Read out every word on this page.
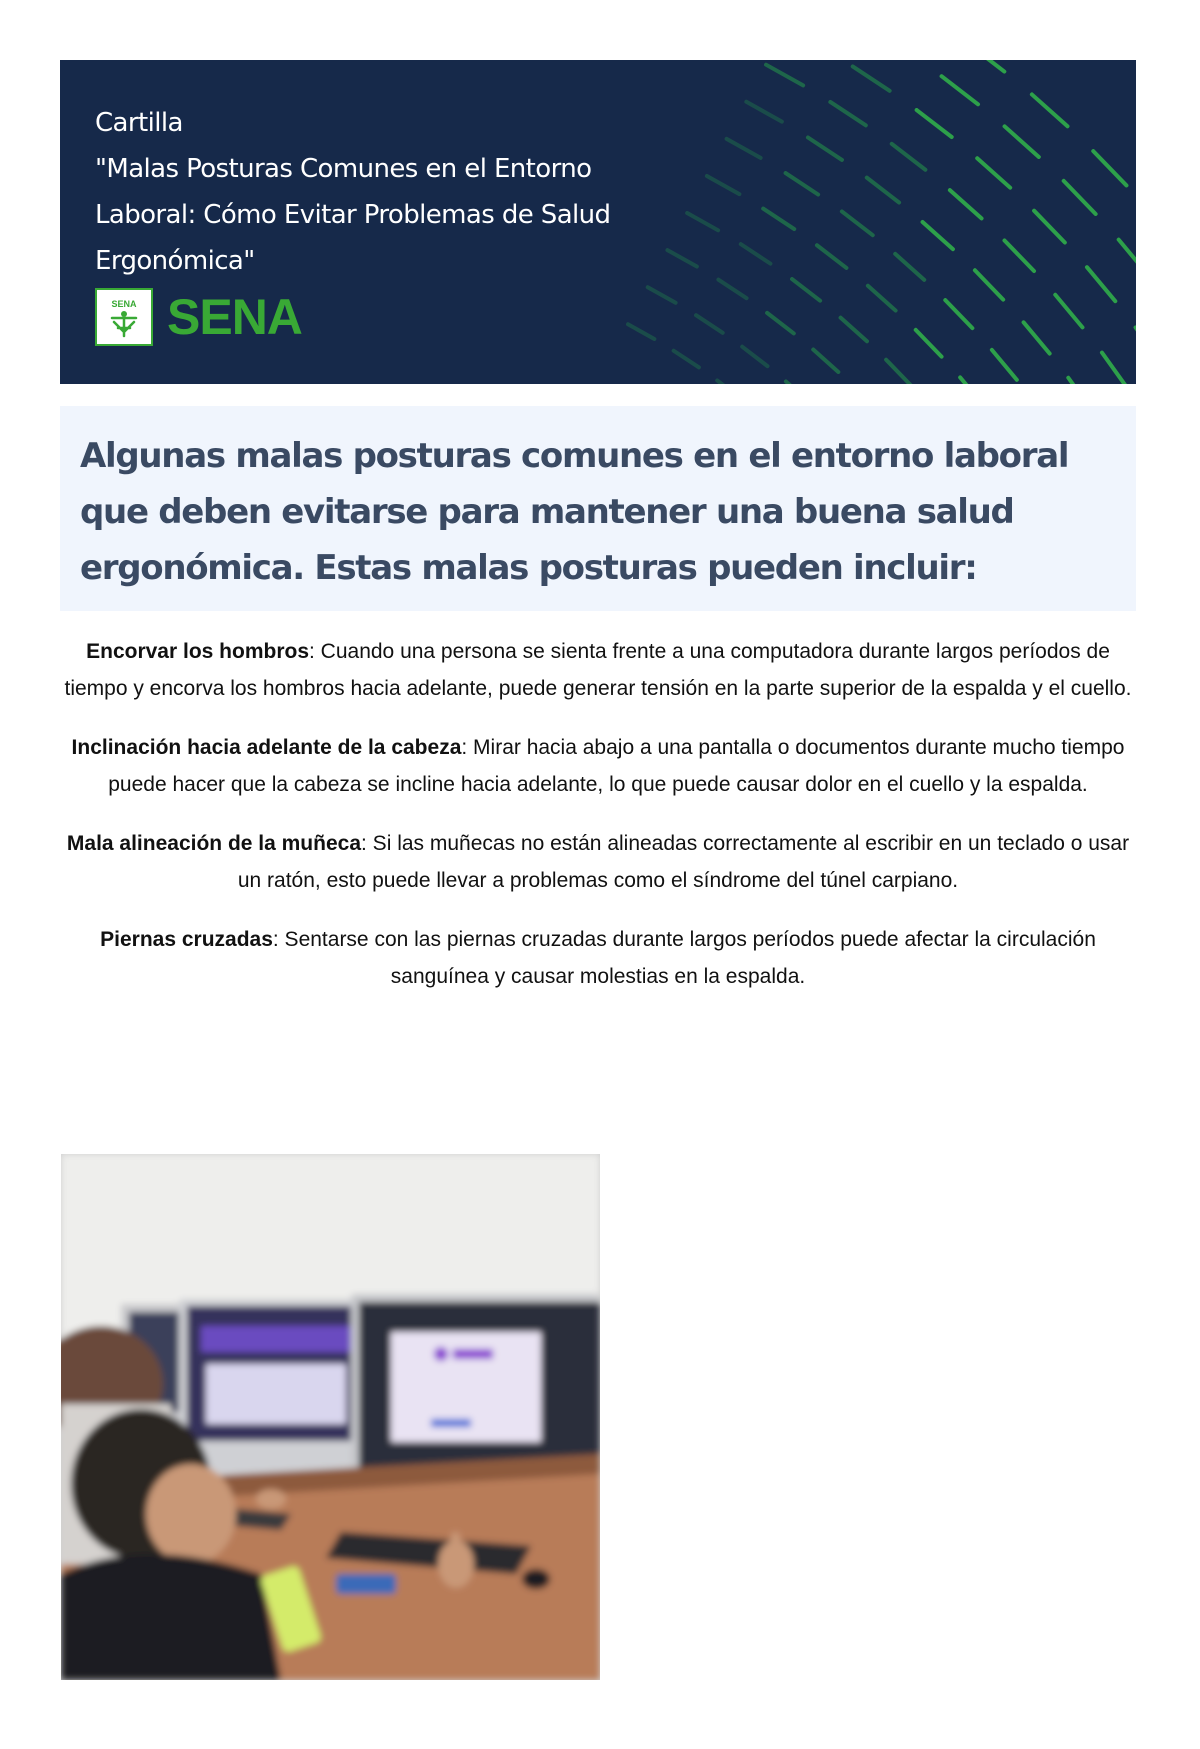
Cartilla
"Malas Posturas Comunes en el Entorno
Laboral: Cómo Evitar Problemas de Salud
Ergonómica"
SENA SENA

Algunas malas posturas comunes en el entorno laboral que deben evitarse para mantener una buena salud ergonómica. Estas malas posturas pueden incluir:

Encorvar los hombros: Cuando una persona se sienta frente a una computadora durante largos períodos de tiempo y encorva los hombros hacia adelante, puede generar tensión en la parte superior de la espalda y el cuello.

Inclinación hacia adelante de la cabeza: Mirar hacia abajo a una pantalla o documentos durante mucho tiempo puede hacer que la cabeza se incline hacia adelante, lo que puede causar dolor en el cuello y la espalda.

Mala alineación de la muñeca: Si las muñecas no están alineadas correctamente al escribir en un teclado o usar un ratón, esto puede llevar a problemas como el síndrome del túnel carpiano.

Piernas cruzadas: Sentarse con las piernas cruzadas durante largos períodos puede afectar la circulación sanguínea y causar molestias en la espalda.
